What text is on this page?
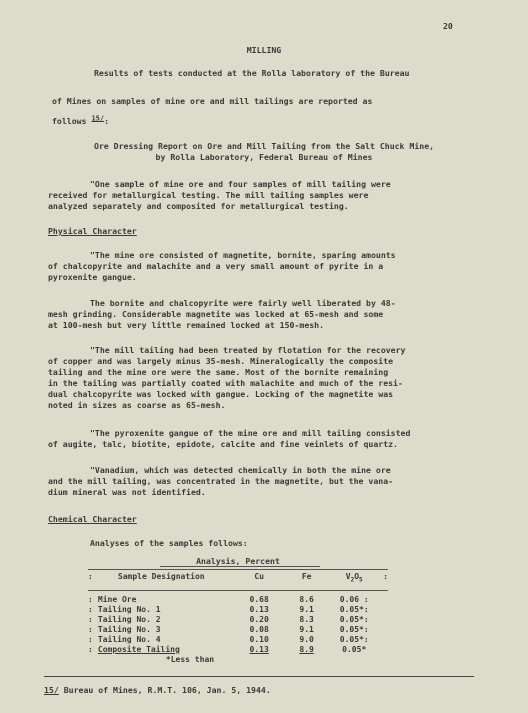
20
MILLING
Results of tests conducted at the Rolla laboratory of the Bureau
of Mines on samples of mine ore and mill tailings are reported as
follows 15/:
Ore Dressing Report on Ore and Mill Tailing from the Salt Chuck Mine,
by Rolla Laboratory, Federal Bureau of Mines
"One sample of mine ore and four samples of mill tailing were
received for metallurgical testing. The mill tailing samples were
analyzed separately and composited for metallurgical testing.
Physical Character
"The mine ore consisted of magnetite, bornite, sparing amounts
of chalcopyrite and malachite and a very small amount of pyrite in a
pyroxenite gangue.
The bornite and chalcopyrite were fairly well liberated by 48-
mesh grinding. Considerable magnetite was locked at 65-mesh and some
at 100-mesh but very little remained locked at 150-mesh.
"The mill tailing had been treated by flotation for the recovery
of copper and was largely minus 35-mesh. Mineralogically the composite
tailing and the mine ore were the same. Most of the bornite remaining
in the tailing was partially coated with malachite and much of the resi-
dual chalcopyrite was locked with gangue. Locking of the magnetite was
noted in sizes as coarse as 65-mesh.
"The pyroxenite gangue of the mine ore and mill tailing consisted
of augite, talc, biotite, epidote, calcite and fine veinlets of quartz.
"Vanadium, which was detected chemically in both the mine ore
and the mill tailing, was concentrated in the magnetite, but the vana-
dium mineral was not identified.
Chemical Character
Analyses of the samples follows:
Analysis, Percent
:	Sample Designation	Cu	Fe	$V_2O_5$	:

:	Mine Ore	0.68	8.6	0.06 :	
:	Tailing No. 1	0.13	9.1	0.05*:	
:	Tailing No. 2	0.20	8.3	0.05*:	
:	Tailing No. 3	0.08	9.1	0.05*:	
:	Tailing No. 4	0.10	9.0	0.05*:	
:	Composite Tailing	0.13	8.9	0.05*	
	*Less than				
15/ Bureau of Mines, R.M.T. 106, Jan. 5, 1944.
